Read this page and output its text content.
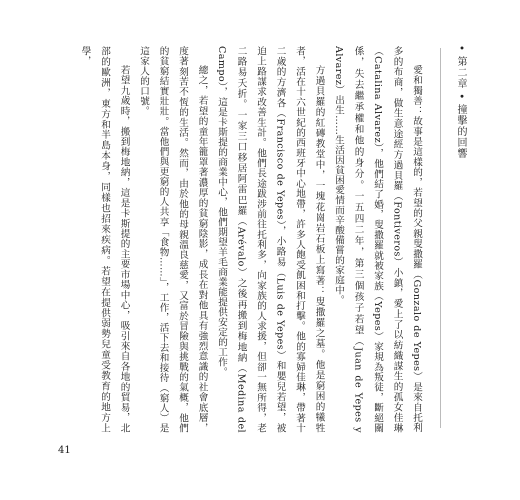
• 第二章 • 撞擊的回響

愛和獨善：故事是這樣的，若望的父親叟撒羅（Gonzalo de Yepes）是來自托利多的布商，做生意途經方過貝羅（Fontiveros）小鎮，愛上了以紡織謀生的孤女佳琳（Catalina Alvarez），他們結了婚，叟撒羅就被家族（Yepes）家規為叛徒，斷絕關係，失去繼承權和他的身分。一五四二年，第三個孩子若望（Juan de Yepes y Alvarez）出生……生活因貧困愛情而辛酸備嘗的家庭中。

方過貝羅的紅磚教堂中，一塊花崗岩石板上寫著：叟撒羅之墓。他是窮困的犧牲者，活在十六世紀的西班牙中心地帶，許多人飽受飢困和打擊。他的寡婦佳琳，帶著十二歲的方濟各（Francisco de Yepes），小路易（Luis de Yepes）和嬰兒若望，被迫上路謀求改善生計。他們長途跋涉前往托利多，向家族的人求援，但卻一無所得，老二路易夭折。一家三口移居阿雷巴羅（Arévalo）之後再搬到梅地納（Medina del Campo），這是卡斯提的商業中心，他們期望羊毛商業能提供安定的工作。

總之，若望的童年籠罩著濃厚的貧窮陰影，成長在對他具有強烈意識的社會底層，度著刻苦不恆的生活。然而，由於他的母親溫良慈愛，又富於冒險與挑戰的氣概，他們的貧窮結實壯壯。當他們與更窮的人共享「食物……」，工作，活下去和接待（窮人）是這家人的口號。

若望九歲時，搬到梅地納，這是卡斯提的主要市場中心，吸引來自各地的貿易，北部的歐洲，東方和半島本身，同樣也招來疾病。若望在提供弱勢兒童受教育的地方上學，

41
